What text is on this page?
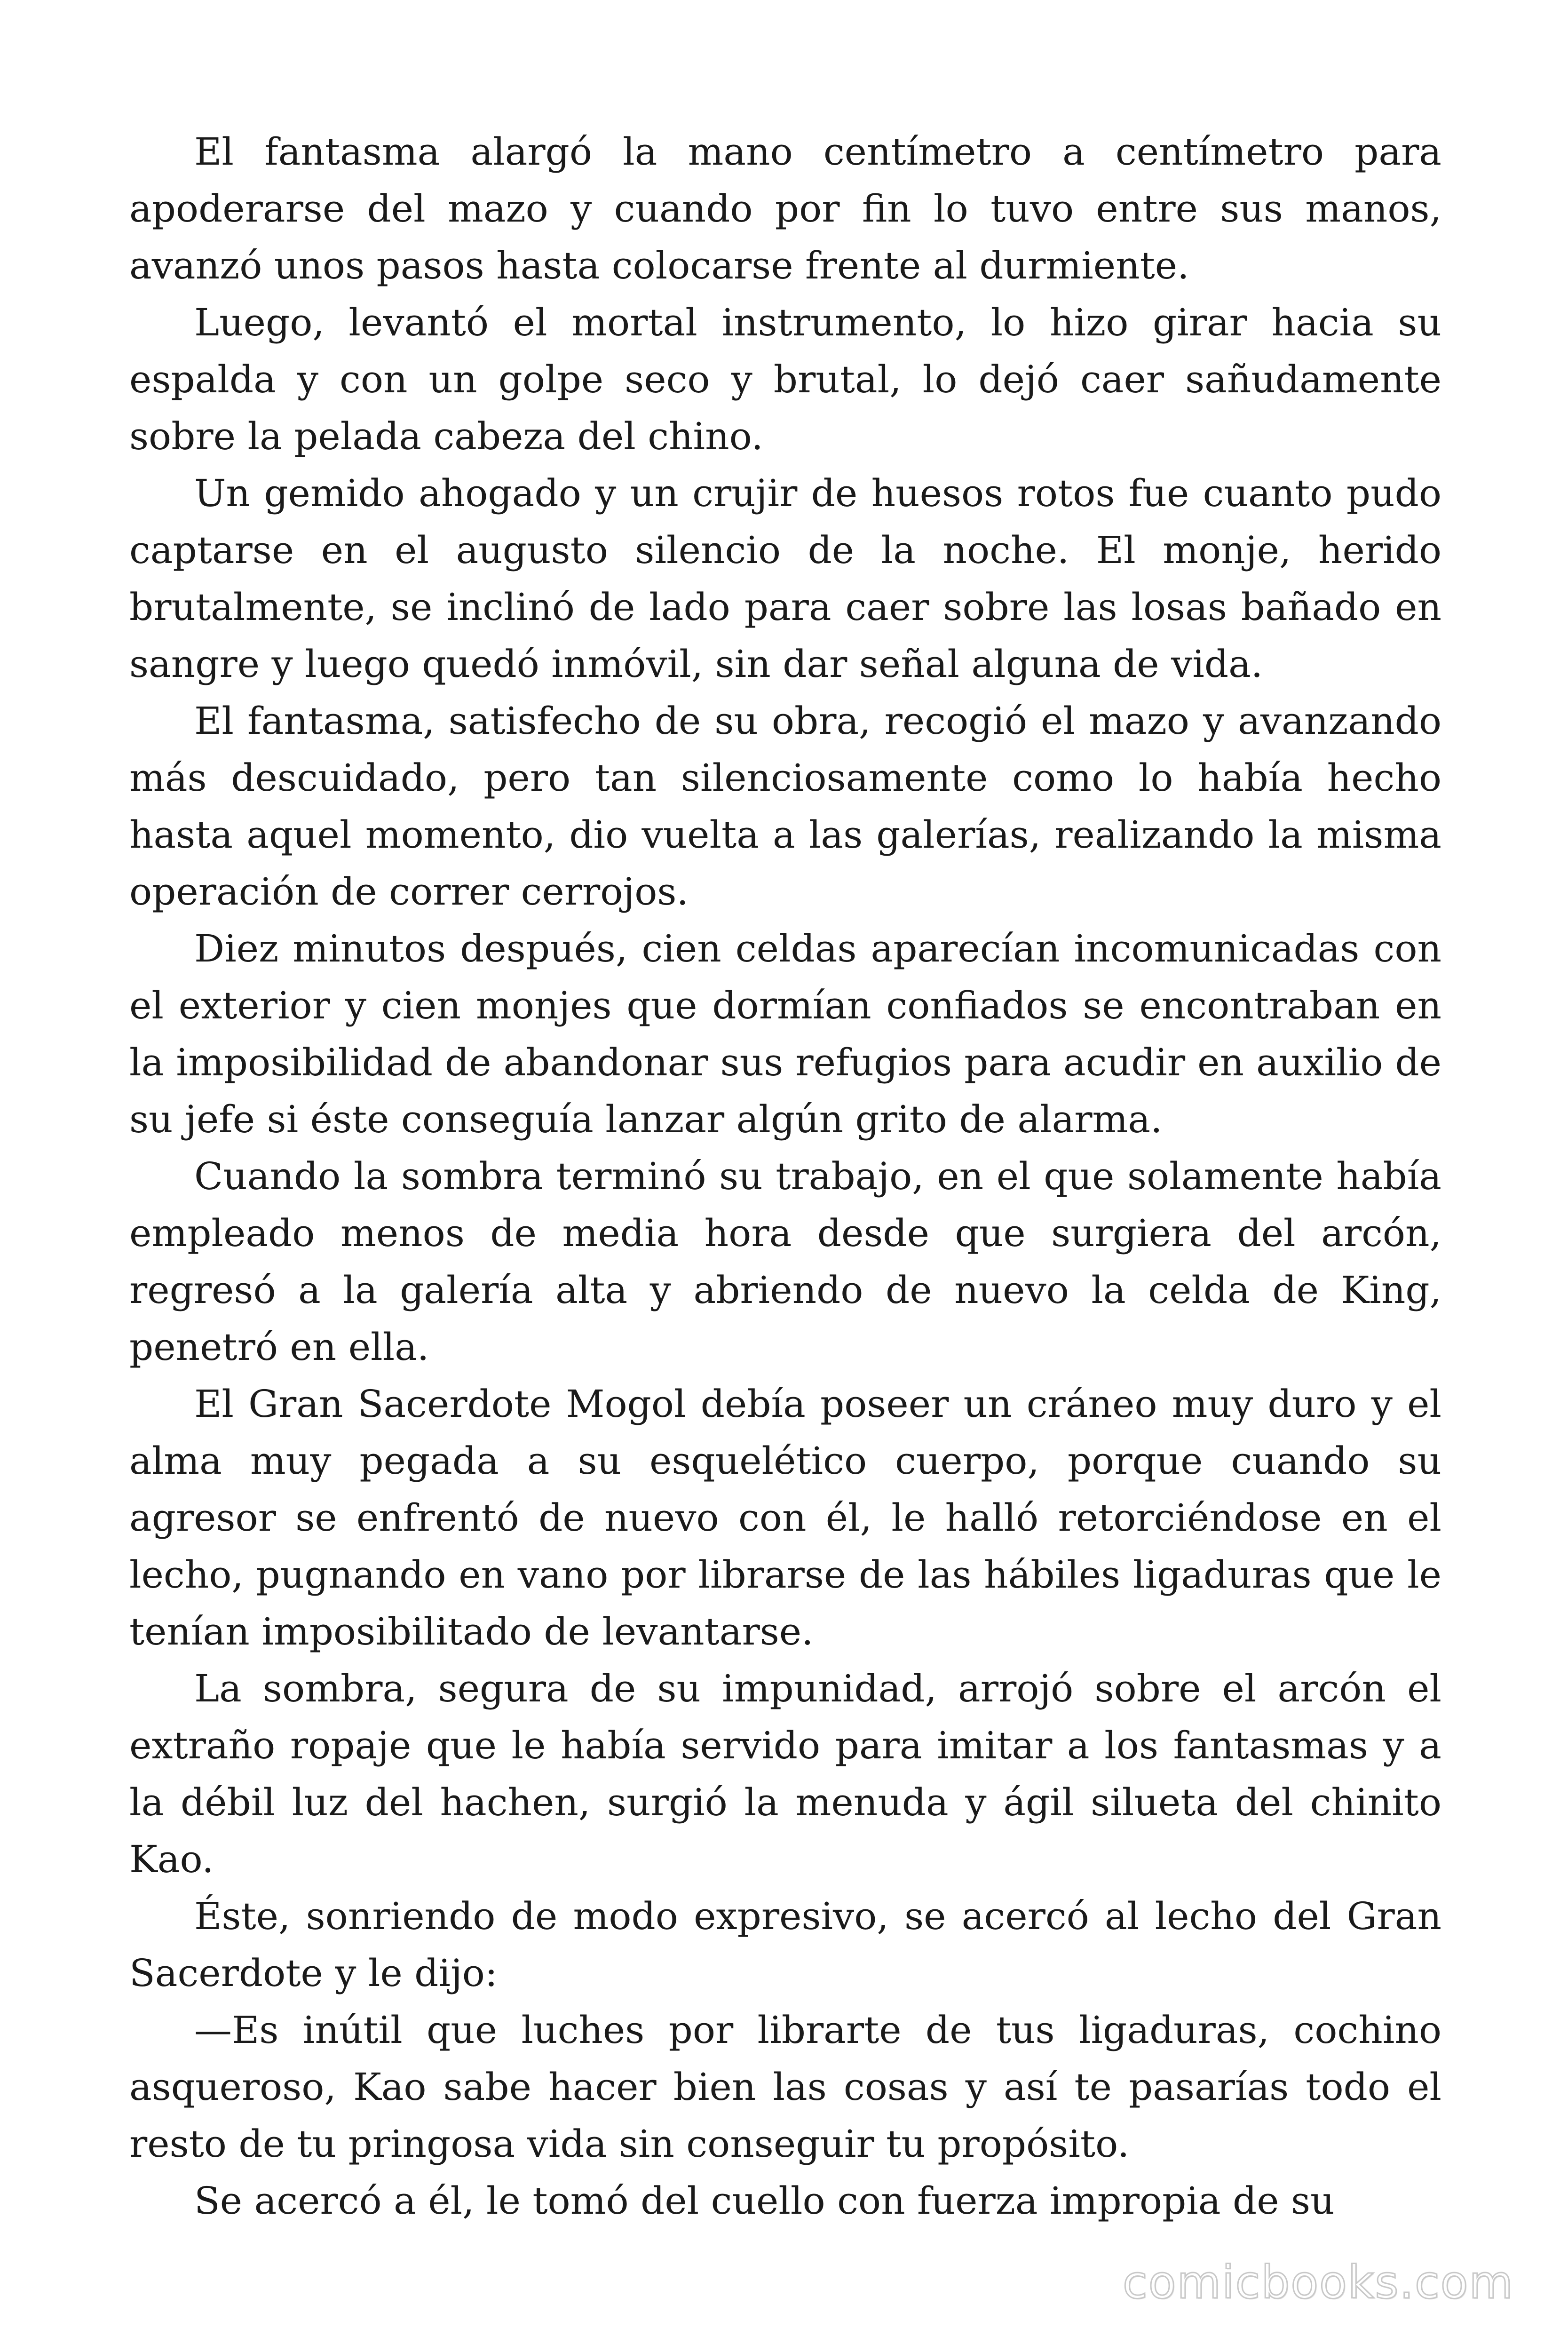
El fantasma alargó la mano centímetro a centímetro para apoderarse del mazo y cuando por fin lo tuvo entre sus manos, avanzó unos pasos hasta colocarse frente al durmiente.

Luego, levantó el mortal instrumento, lo hizo girar hacia su espalda y con un golpe seco y brutal, lo dejó caer sañudamente sobre la pelada cabeza del chino.

Un gemido ahogado y un crujir de huesos rotos fue cuanto pudo captarse en el augusto silencio de la noche. El monje, herido brutalmente, se inclinó de lado para caer sobre las losas bañado en sangre y luego quedó inmóvil, sin dar señal alguna de vida.

El fantasma, satisfecho de su obra, recogió el mazo y avanzando más descuidado, pero tan silenciosamente como lo había hecho hasta aquel momento, dio vuelta a las galerías, realizando la misma operación de correr cerrojos.

Diez minutos después, cien celdas aparecían incomunicadas con el exterior y cien monjes que dormían confiados se encontraban en la imposibilidad de abandonar sus refugios para acudir en auxilio de su jefe si éste conseguía lanzar algún grito de alarma.

Cuando la sombra terminó su trabajo, en el que solamente había empleado menos de media hora desde que surgiera del arcón, regresó a la galería alta y abriendo de nuevo la celda de King, penetró en ella.

El Gran Sacerdote Mogol debía poseer un cráneo muy duro y el alma muy pegada a su esquelético cuerpo, porque cuando su agresor se enfrentó de nuevo con él, le halló retorciéndose en el lecho, pugnando en vano por librarse de las hábiles ligaduras que le tenían imposibilitado de levantarse.

La sombra, segura de su impunidad, arrojó sobre el arcón el extraño ropaje que le había servido para imitar a los fantasmas y a la débil luz del hachen, surgió la menuda y ágil silueta del chinito Kao.

Éste, sonriendo de modo expresivo, se acercó al lecho del Gran Sacerdote y le dijo:

—Es inútil que luches por librarte de tus ligaduras, cochino asqueroso, Kao sabe hacer bien las cosas y así te pasarías todo el resto de tu pringosa vida sin conseguir tu propósito.

Se acercó a él, le tomó del cuello con fuerza impropia de su

comicbooks.com
